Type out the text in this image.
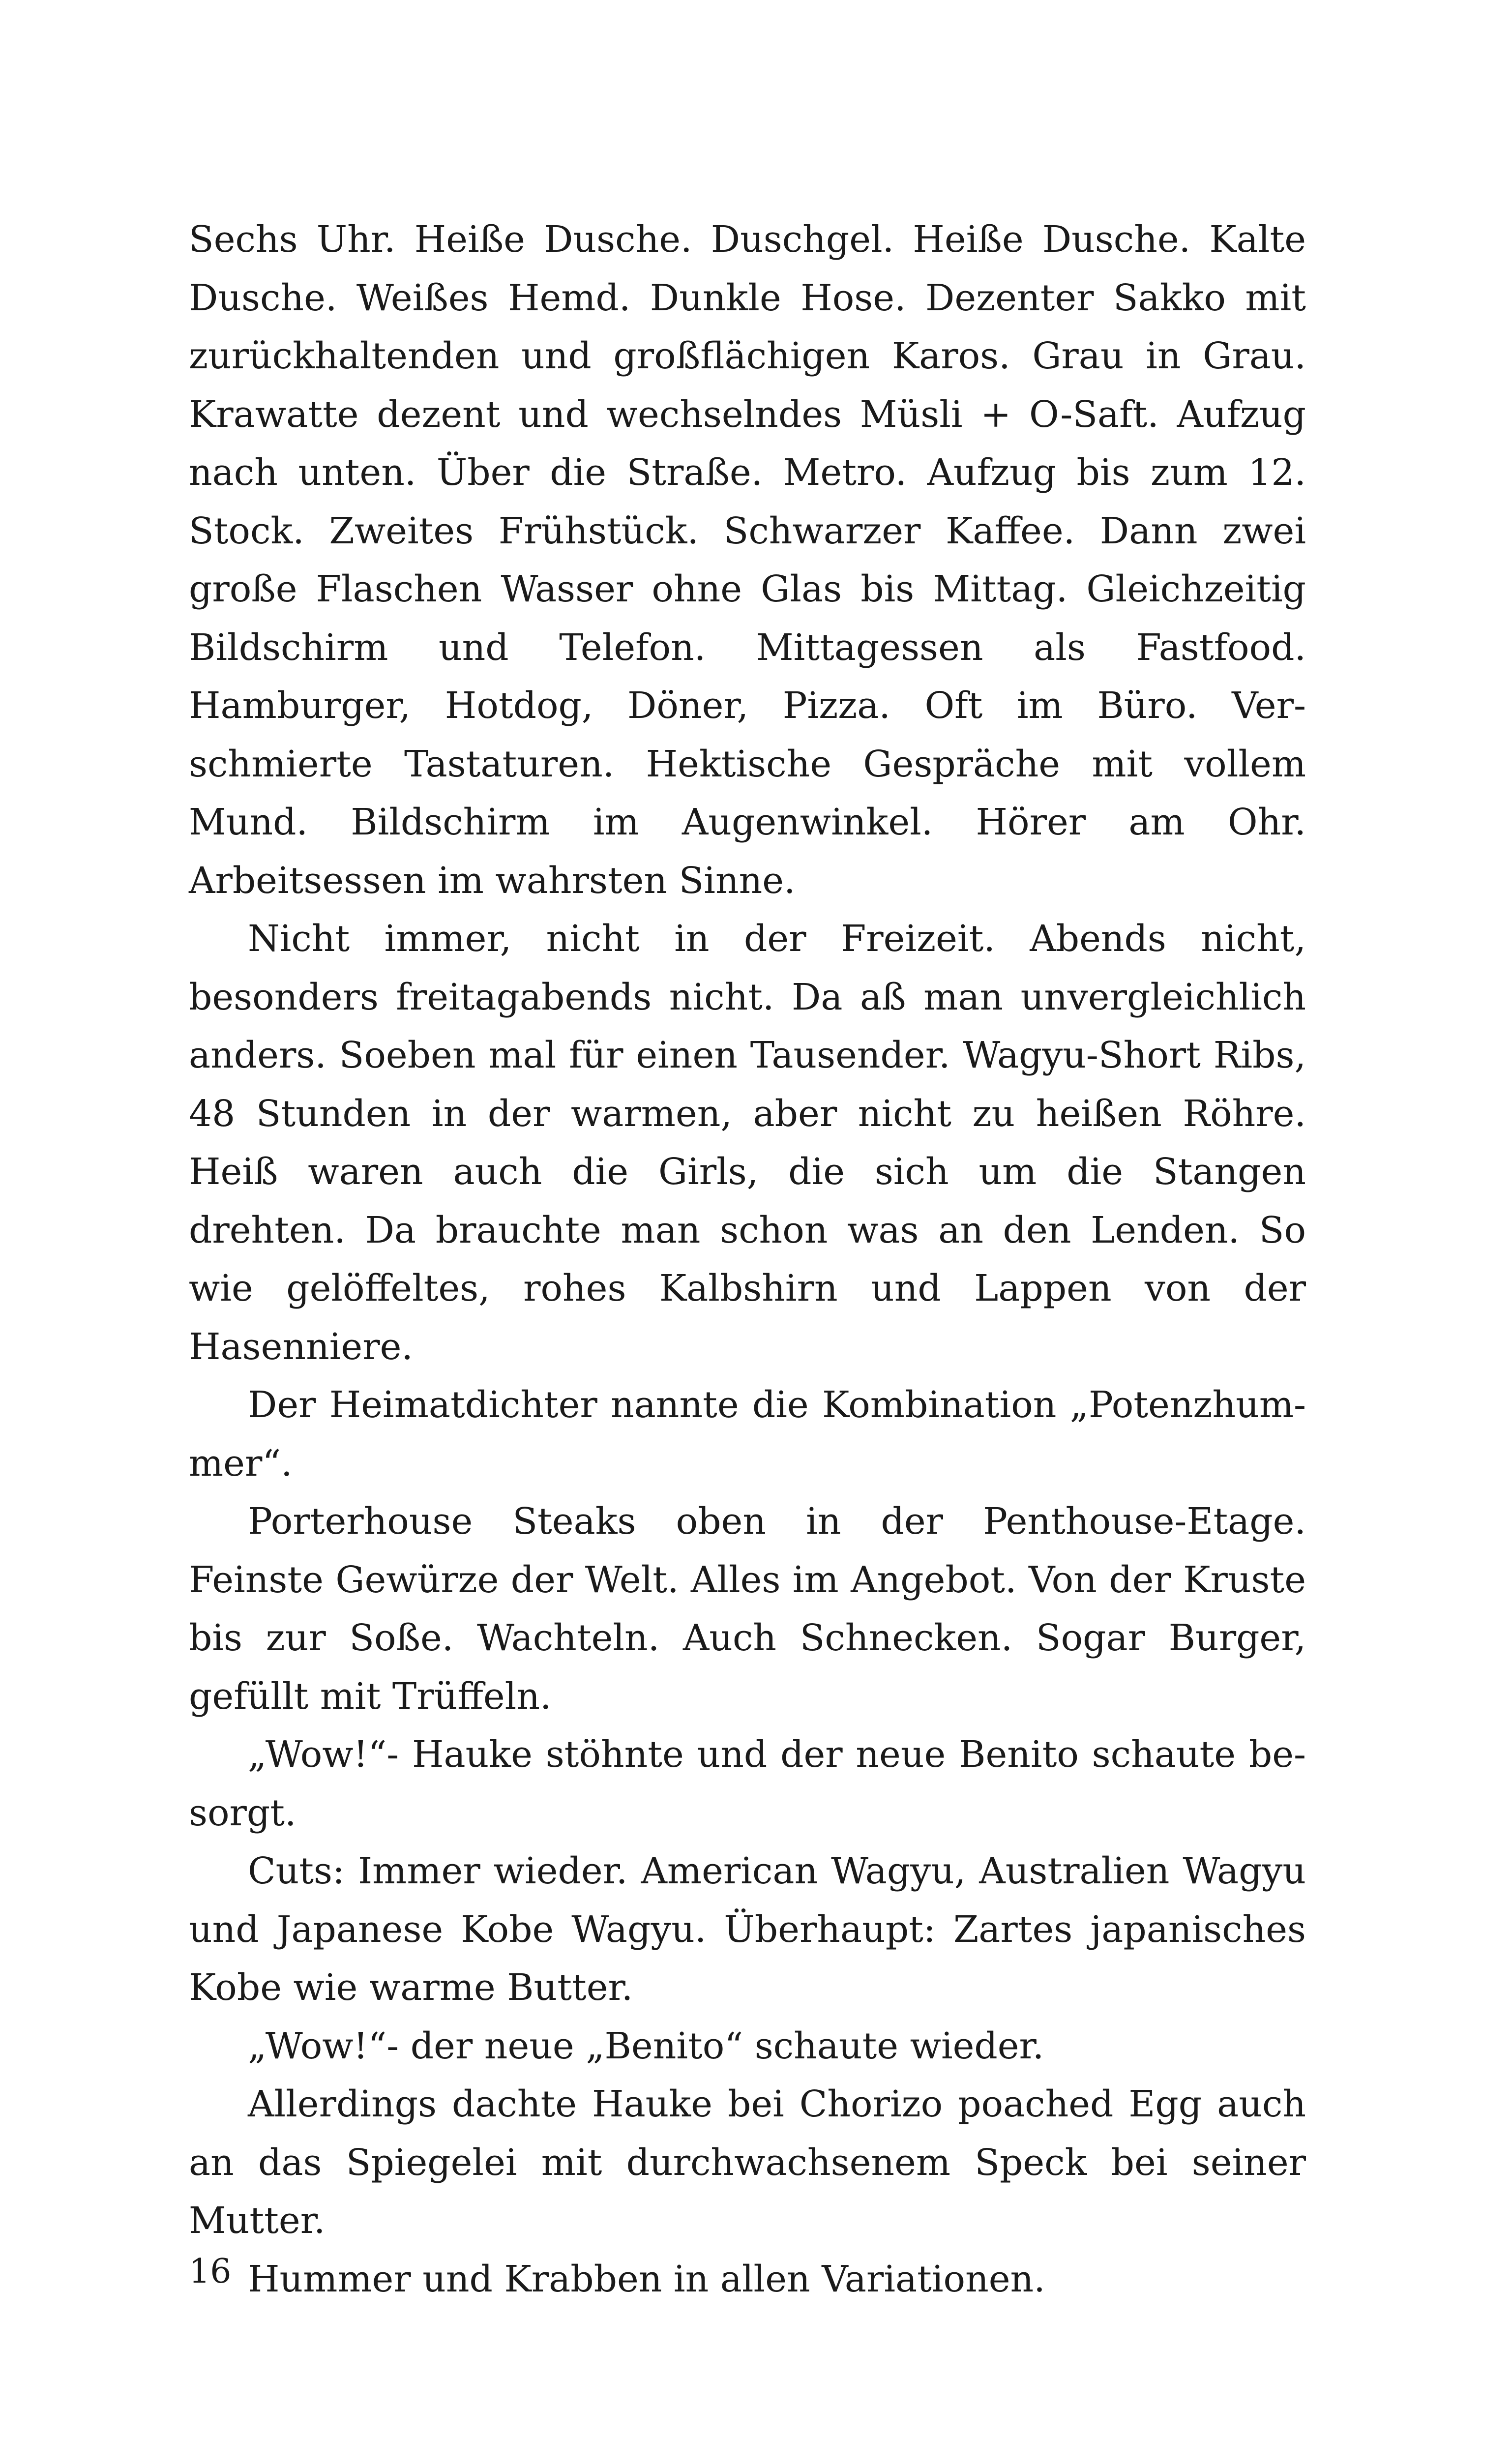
Sechs Uhr. Heiße Dusche. Duschgel. Heiße Dusche. Kalte Dusche. Weißes Hemd. Dunkle Hose. Dezenter Sakko mit zurückhaltenden und großflächigen Karos. Grau in Grau. Krawatte dezent und wechselndes Müsli + O-Saft. Aufzug nach unten. Über die Straße. Metro. Aufzug bis zum 12. Stock. Zweites Frühstück. Schwarzer Kaffee. Dann zwei große Flaschen Wasser ohne Glas bis Mittag. Gleichzeitig Bildschirm und Telefon. Mittagessen als Fastfood. Hamburger, Hotdog, Döner, Pizza. Oft im Büro. Verschmierte Tastaturen. Hektische Gespräche mit vollem Mund. Bildschirm im Augenwinkel. Hörer am Ohr. Arbeitsessen im wahrsten Sinne.

Nicht immer, nicht in der Freizeit. Abends nicht, besonders freitagabends nicht. Da aß man unvergleichlich anders. Soeben mal für einen Tausender. Wagyu-Short Ribs, 48 Stunden in der warmen, aber nicht zu heißen Röhre. Heiß waren auch die Girls, die sich um die Stangen drehten. Da brauchte man schon was an den Lenden. So wie gelöffeltes, rohes Kalbshirn und Lappen von der Hasenniere.

Der Heimatdichter nannte die Kombination „Potenzhummer“.

Porterhouse Steaks oben in der Penthouse-Etage. Feinste Gewürze der Welt. Alles im Angebot. Von der Kruste bis zur Soße. Wachteln. Auch Schnecken. Sogar Burger, gefüllt mit Trüffeln.

„Wow!“- Hauke stöhnte und der neue Benito schaute besorgt.

Cuts: Immer wieder. American Wagyu, Australien Wagyu und Japanese Kobe Wagyu. Überhaupt: Zartes japanisches Kobe wie warme Butter.

„Wow!“- der neue „Benito“ schaute wieder.

Allerdings dachte Hauke bei Chorizo poached Egg auch an das Spiegelei mit durchwachsenem Speck bei seiner Mutter.

Hummer und Krabben in allen Variationen.

16
